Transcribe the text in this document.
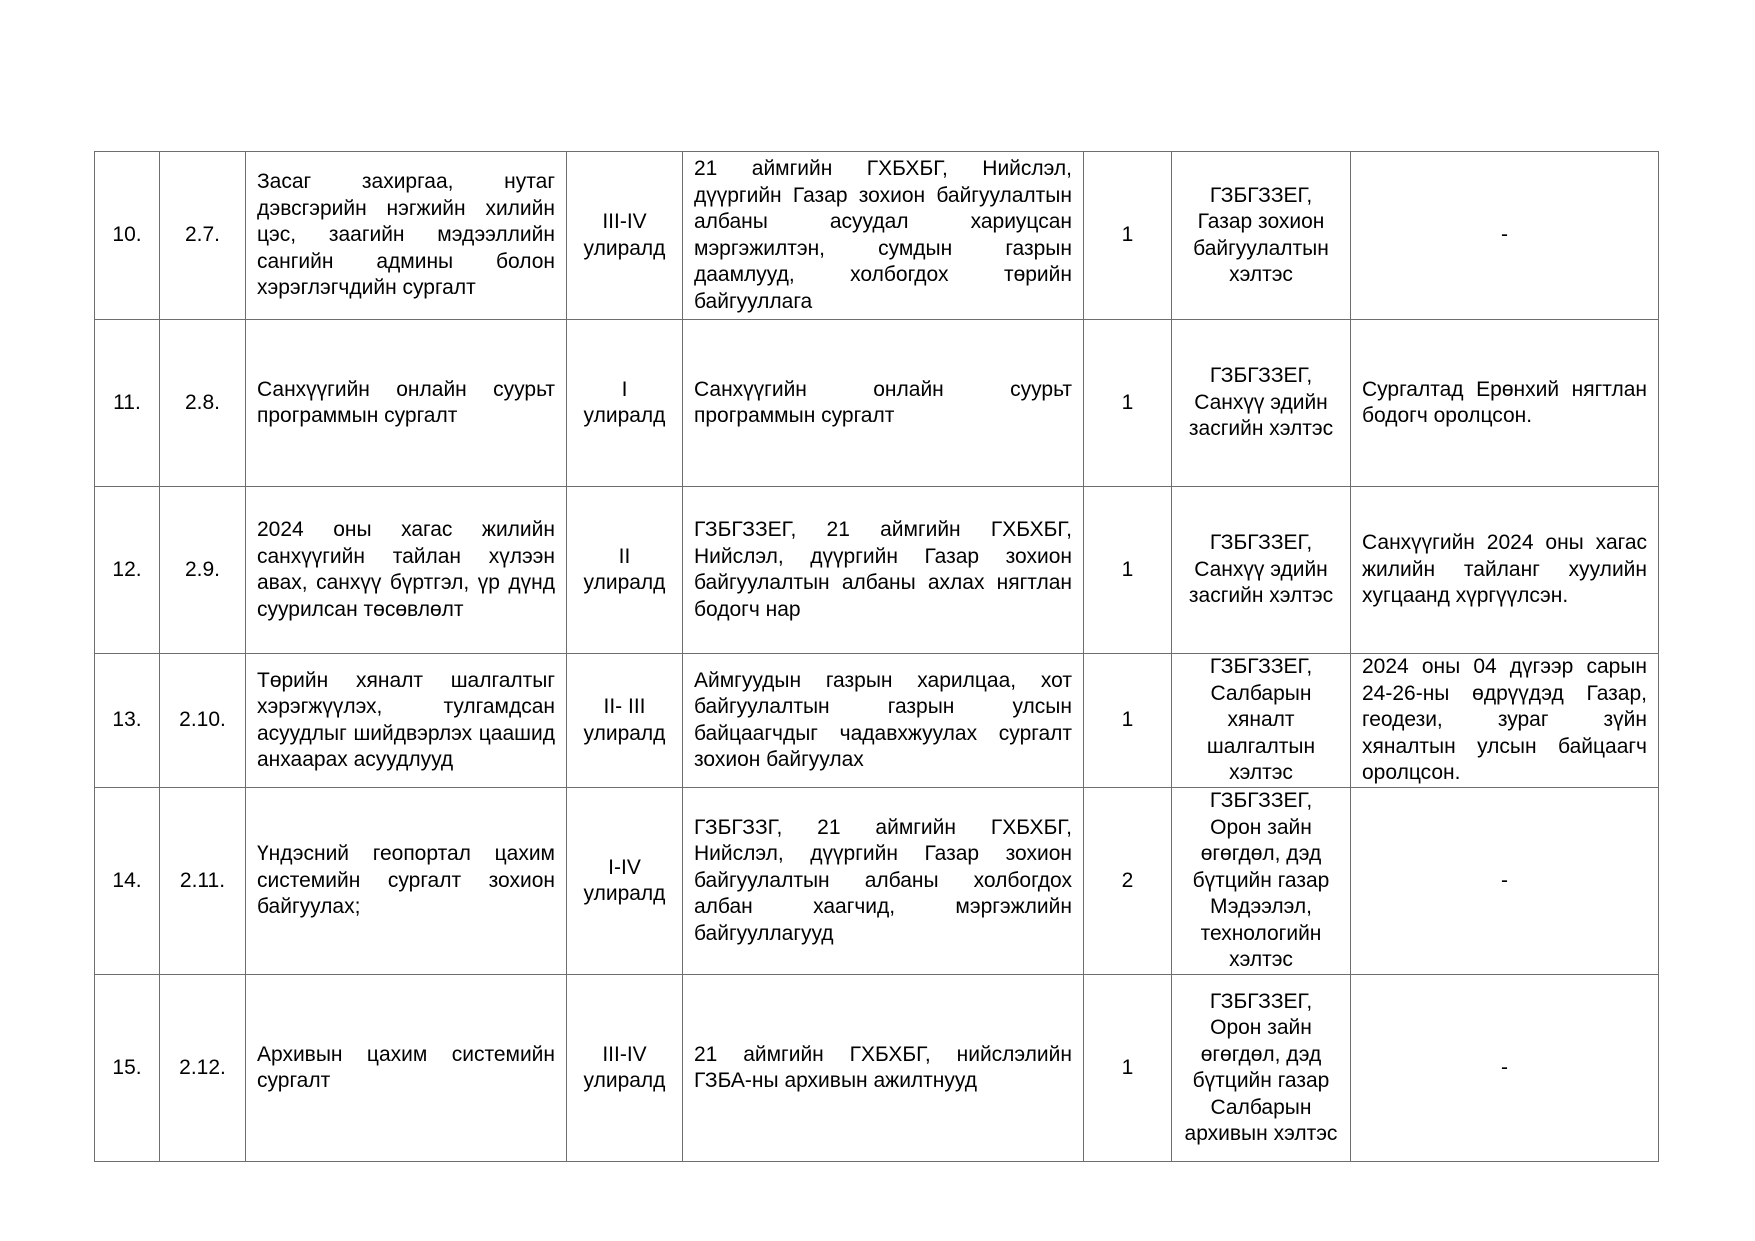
10.	2.7.	Засаг захиргаа, нутаг дэвсгэрийн нэгжийн хилийн цэс, заагийн мэдээллийн сангийн админы болон хэрэглэгчдийн сургалт	III-IV улиралд	21 аймгийн ГХБХБГ, Нийслэл, дүүргийн Газар зохион байгуулалтын албаны асуудал хариуцсан мэргэжилтэн, сумдын газрын даамлууд, холбогдох төрийн байгууллага	1	ГЗБГЗЗЕГ, Газар зохион байгуулалтын хэлтэс	-
11.	2.8.	Санхүүгийн онлайн суурьт программын сургалт	I улиралд	Санхүүгийн онлайн суурьт программын сургалт	1	ГЗБГЗЗЕГ, Санхүү эдийн засгийн хэлтэс	Сургалтад Ерөнхий нягтлан бодогч оролцсон.
12.	2.9.	2024 оны хагас жилийн санхүүгийн тайлан хүлээн авах, санхүү бүртгэл, үр дүнд суурилсан төсөвлөлт	II улиралд	ГЗБГЗЗЕГ, 21 аймгийн ГХБХБГ, Нийслэл, дүүргийн Газар зохион байгуулалтын албаны ахлах нягтлан бодогч нар	1	ГЗБГЗЗЕГ, Санхүү эдийн засгийн хэлтэс	Санхүүгийн 2024 оны хагас жилийн тайланг хуулийн хугцаанд хүргүүлсэн.
13.	2.10.	Төрийн хяналт шалгалтыг хэрэгжүүлэх, тулгамдсан асуудлыг шийдвэрлэх цаашид анхаарах асуудлууд	II- III улиралд	Аймгуудын газрын харилцаа, хот байгуулалтын газрын улсын байцаагчдыг чадавхжуулах сургалт зохион байгуулах	1	ГЗБГЗЗЕГ, Салбарын хяналт шалгалтын хэлтэс	2024 оны 04 дүгээр сарын 24-26-ны өдрүүдэд Газар, геодези, зураг зүйн хяналтын улсын байцаагч оролцсон.
14.	2.11.	Үндэсний геопортал цахим системийн сургалт зохион байгуулах;	I-IV улиралд	ГЗБГЗЗГ, 21 аймгийн ГХБХБГ, Нийслэл, дүүргийн Газар зохион байгуулалтын албаны холбогдох албан хаагчид, мэргэжлийн байгууллагууд	2	ГЗБГЗЗЕГ, Орон зайн өгөгдөл, дэд бүтцийн газар Мэдээлэл, технологийн хэлтэс	-
15.	2.12.	Архивын цахим системийн сургалт	III-IV улиралд	21 аймгийн ГХБХБГ, нийслэлийн ГЗБА-ны архивын ажилтнууд	1	ГЗБГЗЗЕГ, Орон зайн өгөгдөл, дэд бүтцийн газар Салбарын архивын хэлтэс	-
